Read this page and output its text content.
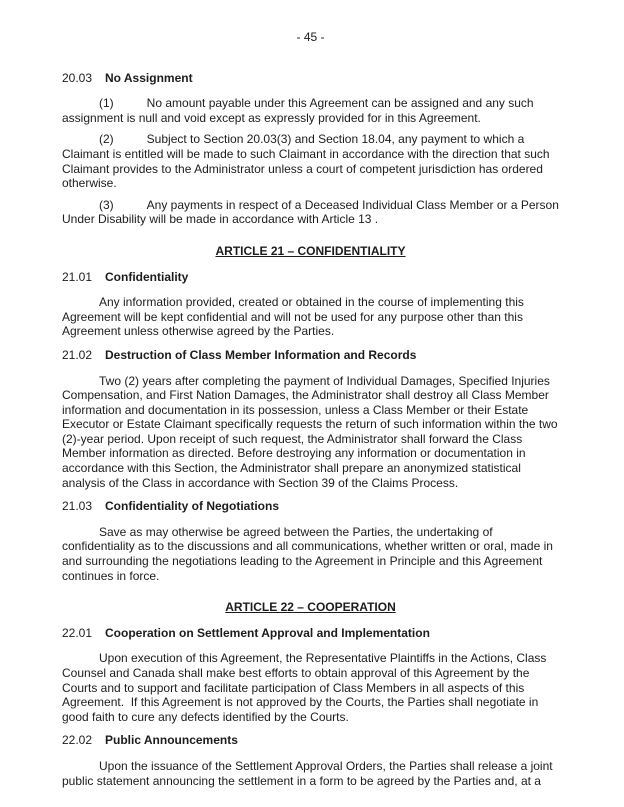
- 45 -
20.03	No Assignment

(1)	No amount payable under this Agreement can be assigned and any such assignment is null and void except as expressly provided for in this Agreement.

(2)	Subject to Section 20.03(3) and Section 18.04, any payment to which a Claimant is entitled will be made to such Claimant in accordance with the direction that such Claimant provides to the Administrator unless a court of competent jurisdiction has ordered otherwise.

(3)	Any payments in respect of a Deceased Individual Class Member or a Person Under Disability will be made in accordance with Article 13 .

ARTICLE 21 – CONFIDENTIALITY
21.01	Confidentiality

Any information provided, created or obtained in the course of implementing this Agreement will be kept confidential and will not be used for any purpose other than this Agreement unless otherwise agreed by the Parties.

21.02	Destruction of Class Member Information and Records

Two (2) years after completing the payment of Individual Damages, Specified Injuries Compensation, and First Nation Damages, the Administrator shall destroy all Class Member information and documentation in its possession, unless a Class Member or their Estate Executor or Estate Claimant specifically requests the return of such information within the two (2)-year period. Upon receipt of such request, the Administrator shall forward the Class Member information as directed. Before destroying any information or documentation in accordance with this Section, the Administrator shall prepare an anonymized statistical analysis of the Class in accordance with Section 39 of the Claims Process.

21.03	Confidentiality of Negotiations

Save as may otherwise be agreed between the Parties, the undertaking of confidentiality as to the discussions and all communications, whether written or oral, made in and surrounding the negotiations leading to the Agreement in Principle and this Agreement continues in force.

ARTICLE 22 – COOPERATION
22.01	Cooperation on Settlement Approval and Implementation

Upon execution of this Agreement, the Representative Plaintiffs in the Actions, Class Counsel and Canada shall make best efforts to obtain approval of this Agreement by the Courts and to support and facilitate participation of Class Members in all aspects of this Agreement.  If this Agreement is not approved by the Courts, the Parties shall negotiate in good faith to cure any defects identified by the Courts.

22.02	Public Announcements

Upon the issuance of the Settlement Approval Orders, the Parties shall release a joint public statement announcing the settlement in a form to be agreed by the Parties and, at a
